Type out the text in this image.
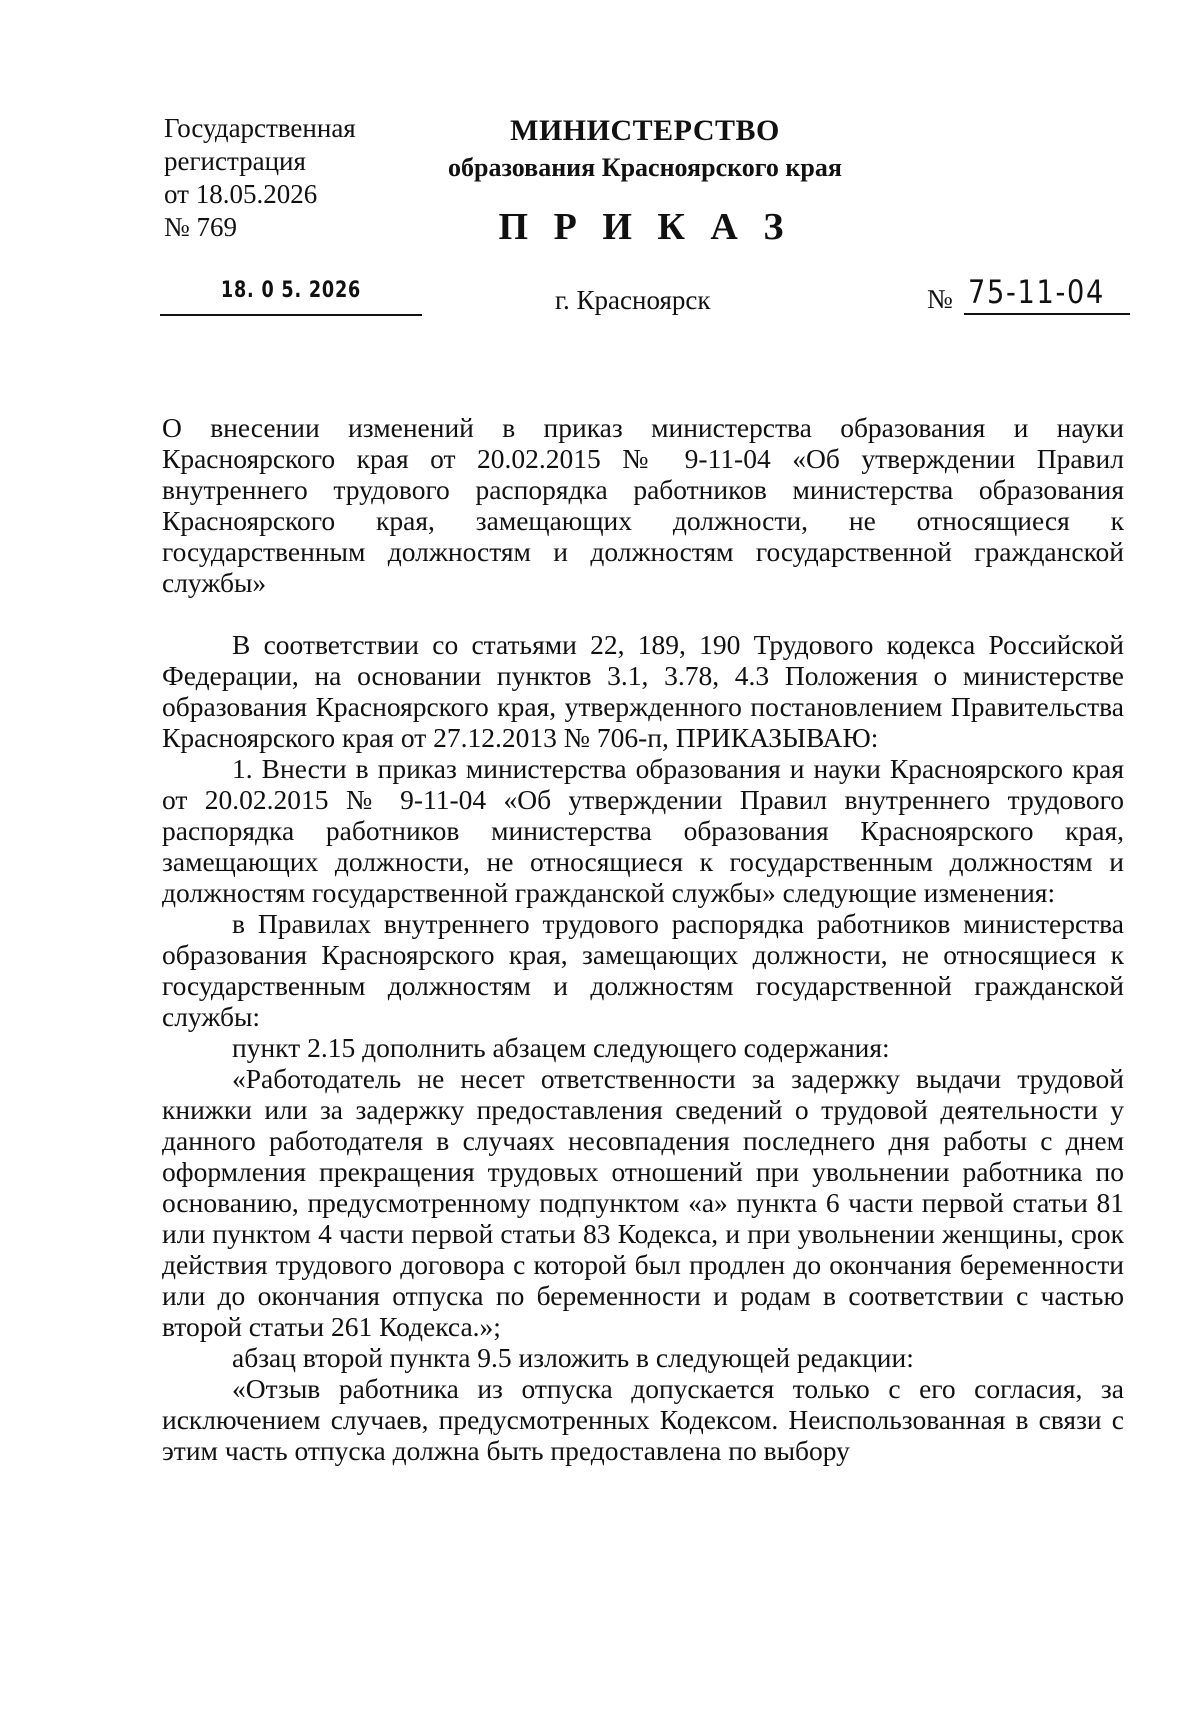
Государственная
регистрация
от 18.05.2026
№ 769
МИНИСТЕРСТВО
образования Красноярского края
П Р И К А З
18. 0 5. 2026	г. Красноярск	№ 75-11-04

О внесении изменений в приказ министерства образования и науки Красноярского края от 20.02.2015 № 9-11-04 «Об утверждении Правил внутреннего трудового распорядка работников министерства образования Красноярского края, замещающих должности, не относящиеся к государственным должностям и должностям государственной гражданской службы»

В соответствии со статьями 22, 189, 190 Трудового кодекса Российской Федерации, на основании пунктов 3.1, 3.78, 4.3 Положения о министерстве образования Красноярского края, утвержденного постановлением Правительства Красноярского края от 27.12.2013 № 706-п, ПРИКАЗЫВАЮ:

1. Внести в приказ министерства образования и науки Красноярского края от 20.02.2015 № 9-11-04 «Об утверждении Правил внутреннего трудового распорядка работников министерства образования Красноярского края, замещающих должности, не относящиеся к государственным должностям и должностям государственной гражданской службы» следующие изменения:

в Правилах внутреннего трудового распорядка работников министерства образования Красноярского края, замещающих должности, не относящиеся к государственным должностям и должностям государственной гражданской службы:

пункт 2.15 дополнить абзацем следующего содержания:

«Работодатель не несет ответственности за задержку выдачи трудовой книжки или за задержку предоставления сведений о трудовой деятельности у данного работодателя в случаях несовпадения последнего дня работы с днем оформления прекращения трудовых отношений при увольнении работника по основанию, предусмотренному подпунктом «а» пункта 6 части первой статьи 81 или пунктом 4 части первой статьи 83 Кодекса, и при увольнении женщины, срок действия трудового договора с которой был продлен до окончания беременности или до окончания отпуска по беременности и родам в соответствии с частью второй статьи 261 Кодекса.»;

абзац второй пункта 9.5 изложить в следующей редакции:

«Отзыв работника из отпуска допускается только с его согласия, за исключением случаев, предусмотренных Кодексом. Неиспользованная в связи с этим часть отпуска должна быть предоставлена по выбору
